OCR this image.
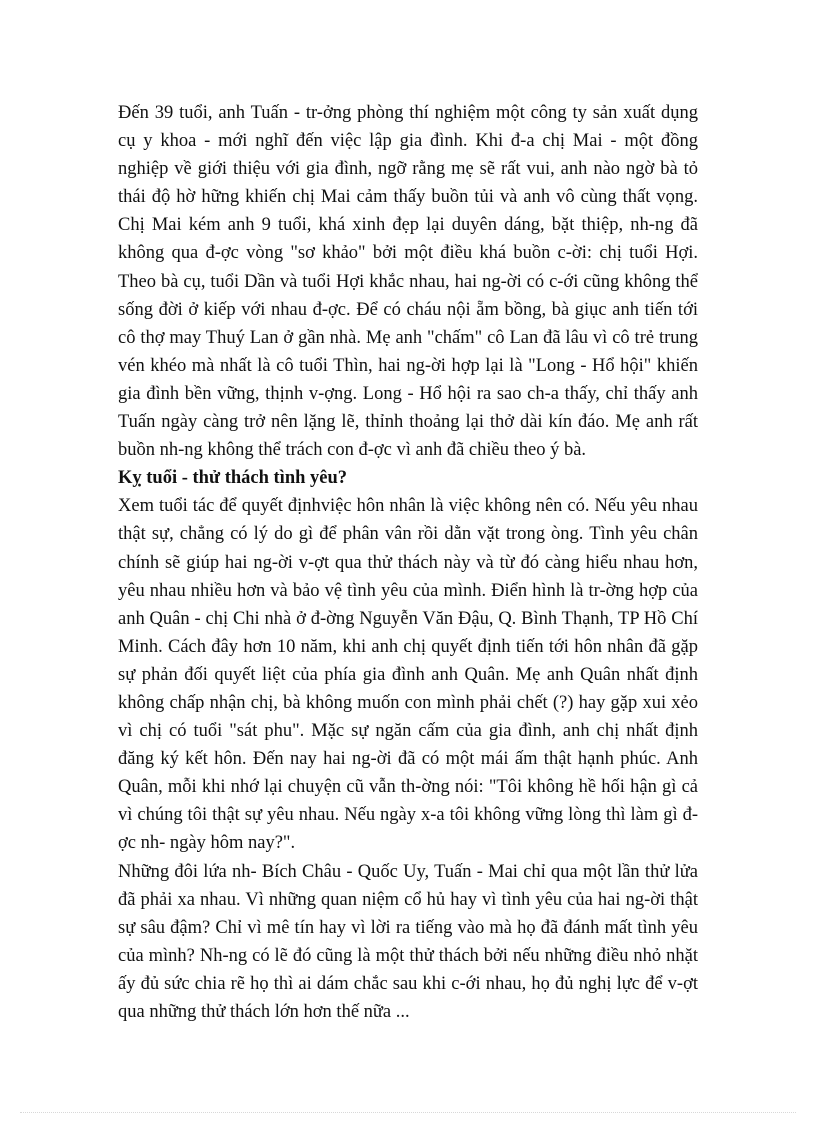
Đến 39 tuổi, anh Tuấn - tr-ởng phòng thí nghiệm một công ty sản xuất dụng cụ y khoa - mới nghĩ đến việc lập gia đình. Khi đ-a chị Mai - một đồng nghiệp về giới thiệu với gia đình, ngỡ rằng mẹ sẽ rất vui, anh nào ngờ bà tỏ thái độ hờ hững khiến chị Mai cảm thấy buồn tủi và anh vô cùng thất vọng. Chị Mai kém anh 9 tuổi, khá xinh đẹp lại duyên dáng, bặt thiệp, nh-ng đã không qua đ-ợc vòng "sơ khảo" bởi một điều khá buồn c-ời: chị tuổi Hợi. Theo bà cụ, tuổi Dần và tuổi Hợi khắc nhau, hai ng-ời có c-ới cũng không thể sống đời ở kiếp với nhau đ-ợc. Để có cháu nội ẵm bồng, bà giục anh tiến tới cô thợ may Thuý Lan ở gần nhà. Mẹ anh "chấm" cô Lan đã lâu vì cô trẻ trung vén khéo mà nhất là cô tuổi Thìn, hai ng-ời hợp lại là "Long - Hổ hội" khiến gia đình bền vững, thịnh v-ợng. Long - Hổ hội ra sao ch-a thấy, chỉ thấy anh Tuấn ngày càng trở nên lặng lẽ, thỉnh thoảng lại thở dài kín đáo. Mẹ anh rất buồn nh-ng không thể trách con đ-ợc vì anh đã chiều theo ý bà.

Kỵ tuổi - thử thách tình yêu?

Xem tuổi tác để quyết địnhviệc hôn nhân là việc không nên có. Nếu yêu nhau thật sự, chẳng có lý do gì để phân vân rồi dằn vặt trong òng. Tình yêu chân chính sẽ giúp hai ng-ời v-ợt qua thử thách này và từ đó càng hiểu nhau hơn, yêu nhau nhiều hơn và bảo vệ tình yêu của mình. Điển hình là tr-ờng hợp của anh Quân - chị Chi nhà ở đ-ờng Nguyễn Văn Đậu, Q. Bình Thạnh, TP Hồ Chí Minh. Cách đây hơn 10 năm, khi anh chị quyết định tiến tới hôn nhân đã gặp sự phản đối quyết liệt của phía gia đình anh Quân. Mẹ anh Quân nhất định không chấp nhận chị, bà không muốn con mình phải chết (?) hay gặp xui xẻo vì chị có tuổi "sát phu". Mặc sự ngăn cấm của gia đình, anh chị nhất định đăng ký kết hôn. Đến nay hai ng-ời đã có một mái ấm thật hạnh phúc. Anh Quân, mỗi khi nhớ lại chuyện cũ vẫn th-ờng nói: "Tôi không hề hối hận gì cả vì chúng tôi thật sự yêu nhau. Nếu ngày x-a tôi không vững lòng thì làm gì đ-ợc nh- ngày hôm nay?".

Những đôi lứa nh- Bích Châu - Quốc Uy, Tuấn - Mai chỉ qua một lần thử lửa đã phải xa nhau. Vì những quan niệm cổ hủ hay vì tình yêu của hai ng-ời thật sự sâu đậm? Chỉ vì mê tín hay vì lời ra tiếng vào mà họ đã đánh mất tình yêu của mình? Nh-ng có lẽ đó cũng là một thử thách bởi nếu những điều nhỏ nhặt ấy đủ sức chia rẽ họ thì ai dám chắc sau khi c-ới nhau, họ đủ nghị lực để v-ợt qua những thử thách lớn hơn thế nữa ...
